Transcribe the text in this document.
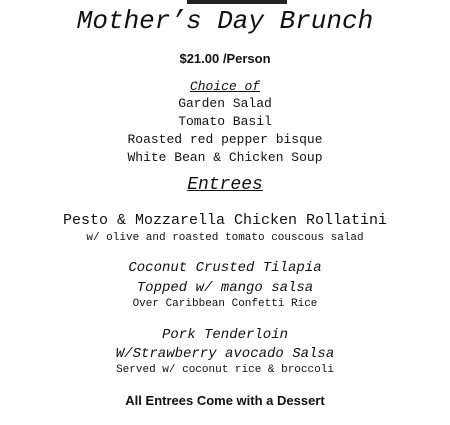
Mother’s Day Brunch
$21.00 /Person
Choice of
Garden Salad
Tomato Basil
Roasted red pepper bisque
White Bean & Chicken Soup
Entrees
Pesto & Mozzarella Chicken Rollatini
w/ olive and roasted tomato couscous salad
Coconut Crusted Tilapia
Topped w/ mango salsa
Over Caribbean Confetti Rice
Pork Tenderloin
W/Strawberry avocado Salsa
Served w/ coconut rice & broccoli
All Entrees Come with a Dessert
